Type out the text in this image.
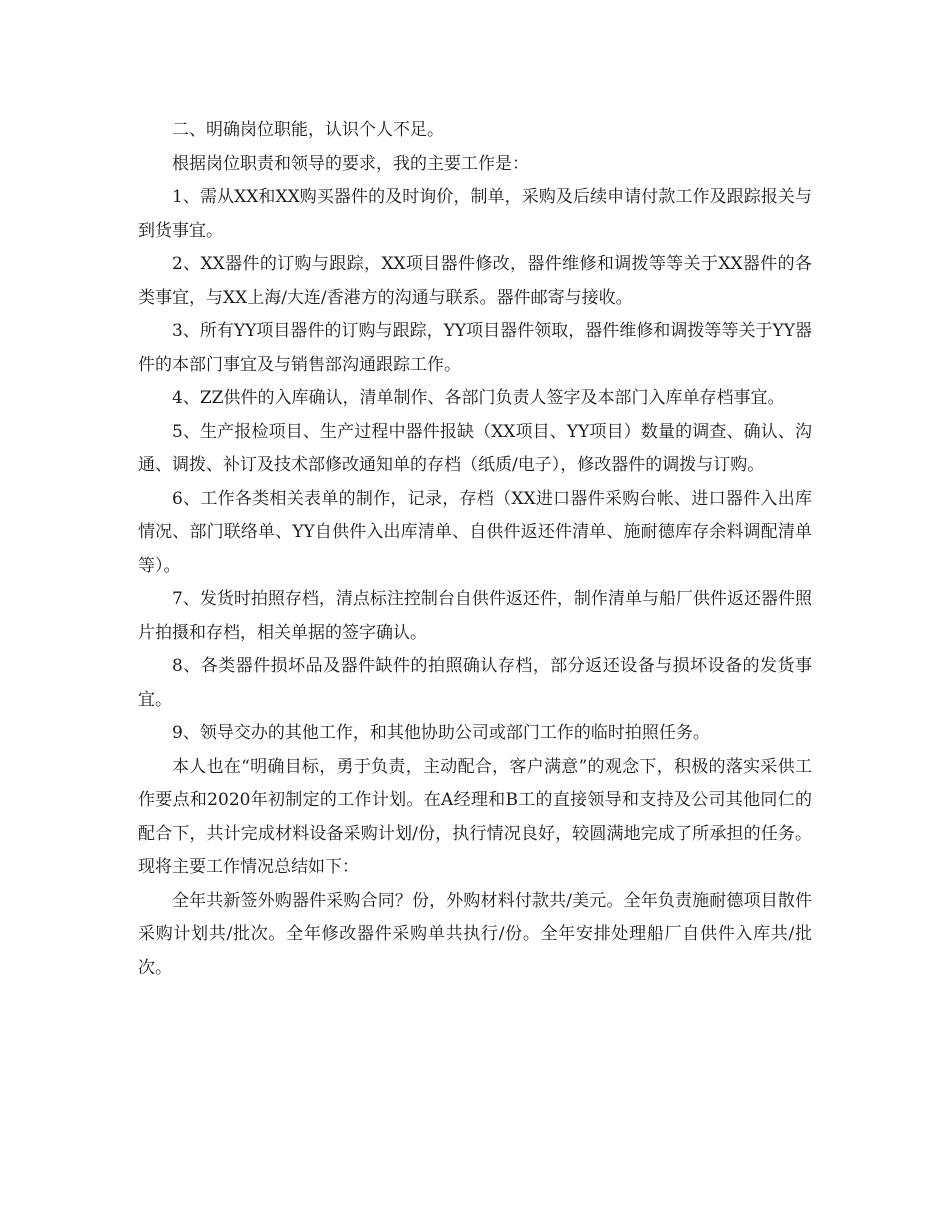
二、明确岗位职能，认识个人不足。

根据岗位职责和领导的要求，我的主要工作是：

1、需从XX和XX购买器件的及时询价，制单，采购及后续申请付款工作及跟踪报关与到货事宜。

2、XX器件的订购与跟踪，XX项目器件修改，器件维修和调拨等等关于XX器件的各类事宜，与XX上海/大连/香港方的沟通与联系。器件邮寄与接收。

3、所有YY项目器件的订购与跟踪，YY项目器件领取，器件维修和调拨等等关于YY器件的本部门事宜及与销售部沟通跟踪工作。

4、ZZ供件的入库确认，清单制作、各部门负责人签字及本部门入库单存档事宜。

5、生产报检项目、生产过程中器件报缺（XX项目、YY项目）数量的调查、确认、沟通、调拨、补订及技术部修改通知单的存档（纸质/电子），修改器件的调拨与订购。

6、工作各类相关表单的制作，记录，存档（XX进口器件采购台帐、进口器件入出库情况、部门联络单、YY自供件入出库清单、自供件返还件清单、施耐德库存余料调配清单等）。

7、发货时拍照存档，清点标注控制台自供件返还件，制作清单与船厂供件返还器件照片拍摄和存档，相关单据的签字确认。

8、各类器件损坏品及器件缺件的拍照确认存档，部分返还设备与损坏设备的发货事宜。

9、领导交办的其他工作，和其他协助公司或部门工作的临时拍照任务。

本人也在“明确目标，勇于负责，主动配合，客户满意”的观念下，积极的落实采供工作要点和2020年初制定的工作计划。在A经理和B工的直接领导和支持及公司其他同仁的配合下，共计完成材料设备采购计划/份，执行情况良好，较圆满地完成了所承担的任务。现将主要工作情况总结如下：

全年共新签外购器件采购合同？份，外购材料付款共/美元。全年负责施耐德项目散件采购计划共/批次。全年修改器件采购单共执行/份。全年安排处理船厂自供件入库共/批次。
